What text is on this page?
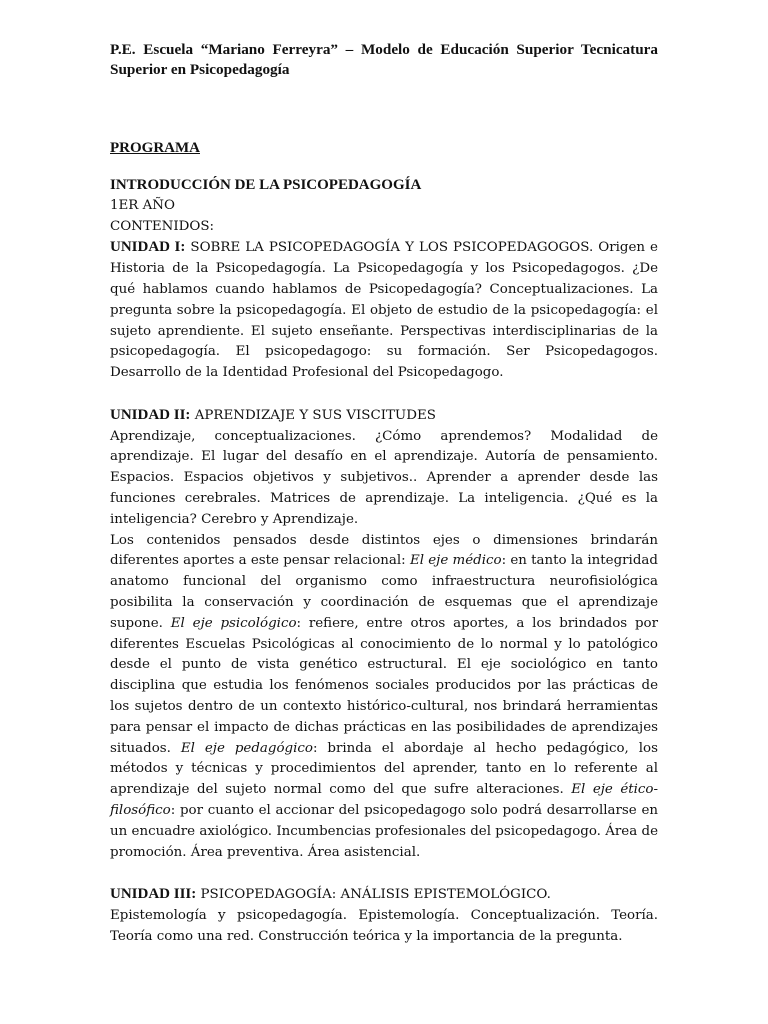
P.E. Escuela “Mariano Ferreyra” – Modelo de Educación Superior Tecnicatura Superior en Psicopedagogía

PROGRAMA
INTRODUCCIÓN DE LA PSICOPEDAGOGÍA
1ER AÑO
CONTENIDOS:

UNIDAD I: SOBRE LA PSICOPEDAGOGÍA Y LOS PSICOPEDAGOGOS. Origen e Historia de la Psicopedagogía. La Psicopedagogía y los Psicopedagogos. ¿De qué hablamos cuando hablamos de Psicopedagogía? Conceptualizaciones. La pregunta sobre la psicopedagogía. El objeto de estudio de la psicopedagogía: el sujeto aprendiente. El sujeto enseñante. Perspectivas interdisciplinarias de la psicopedagogía. El psicopedagogo: su formación. Ser Psicopedagogos. Desarrollo de la Identidad Profesional del Psicopedagogo.

UNIDAD II: APRENDIZAJE Y SUS VISCITUDES

Aprendizaje, conceptualizaciones. ¿Cómo aprendemos? Modalidad de aprendizaje. El lugar del desafío en el aprendizaje. Autoría de pensamiento. Espacios. Espacios objetivos y subjetivos.. Aprender a aprender desde las funciones cerebrales. Matrices de aprendizaje. La inteligencia. ¿Qué es la inteligencia? Cerebro y Aprendizaje.

Los contenidos pensados desde distintos ejes o dimensiones brindarán diferentes aportes a este pensar relacional: El eje médico: en tanto la integridad anatomo funcional del organismo como infraestructura neurofisiológica posibilita la conservación y coordinación de esquemas que el aprendizaje supone. El eje psicológico: refiere, entre otros aportes, a los brindados por diferentes Escuelas Psicológicas al conocimiento de lo normal y lo patológico desde el punto de vista genético estructural. El eje sociológico en tanto disciplina que estudia los fenómenos sociales producidos por las prácticas de los sujetos dentro de un contexto histórico-cultural, nos brindará herramientas para pensar el impacto de dichas prácticas en las posibilidades de aprendizajes situados. El eje pedagógico: brinda el abordaje al hecho pedagógico, los métodos y técnicas y procedimientos del aprender, tanto en lo referente al aprendizaje del sujeto normal como del que sufre alteraciones. El eje ético-filosófico: por cuanto el accionar del psicopedagogo solo podrá desarrollarse en un encuadre axiológico. Incumbencias profesionales del psicopedagogo. Área de promoción. Área preventiva. Área asistencial.

UNIDAD III: PSICOPEDAGOGÍA: ANÁLISIS EPISTEMOLÓGICO.

Epistemología y psicopedagogía. Epistemología. Conceptualización. Teoría. Teoría como una red. Construcción teórica y la importancia de la pregunta.
